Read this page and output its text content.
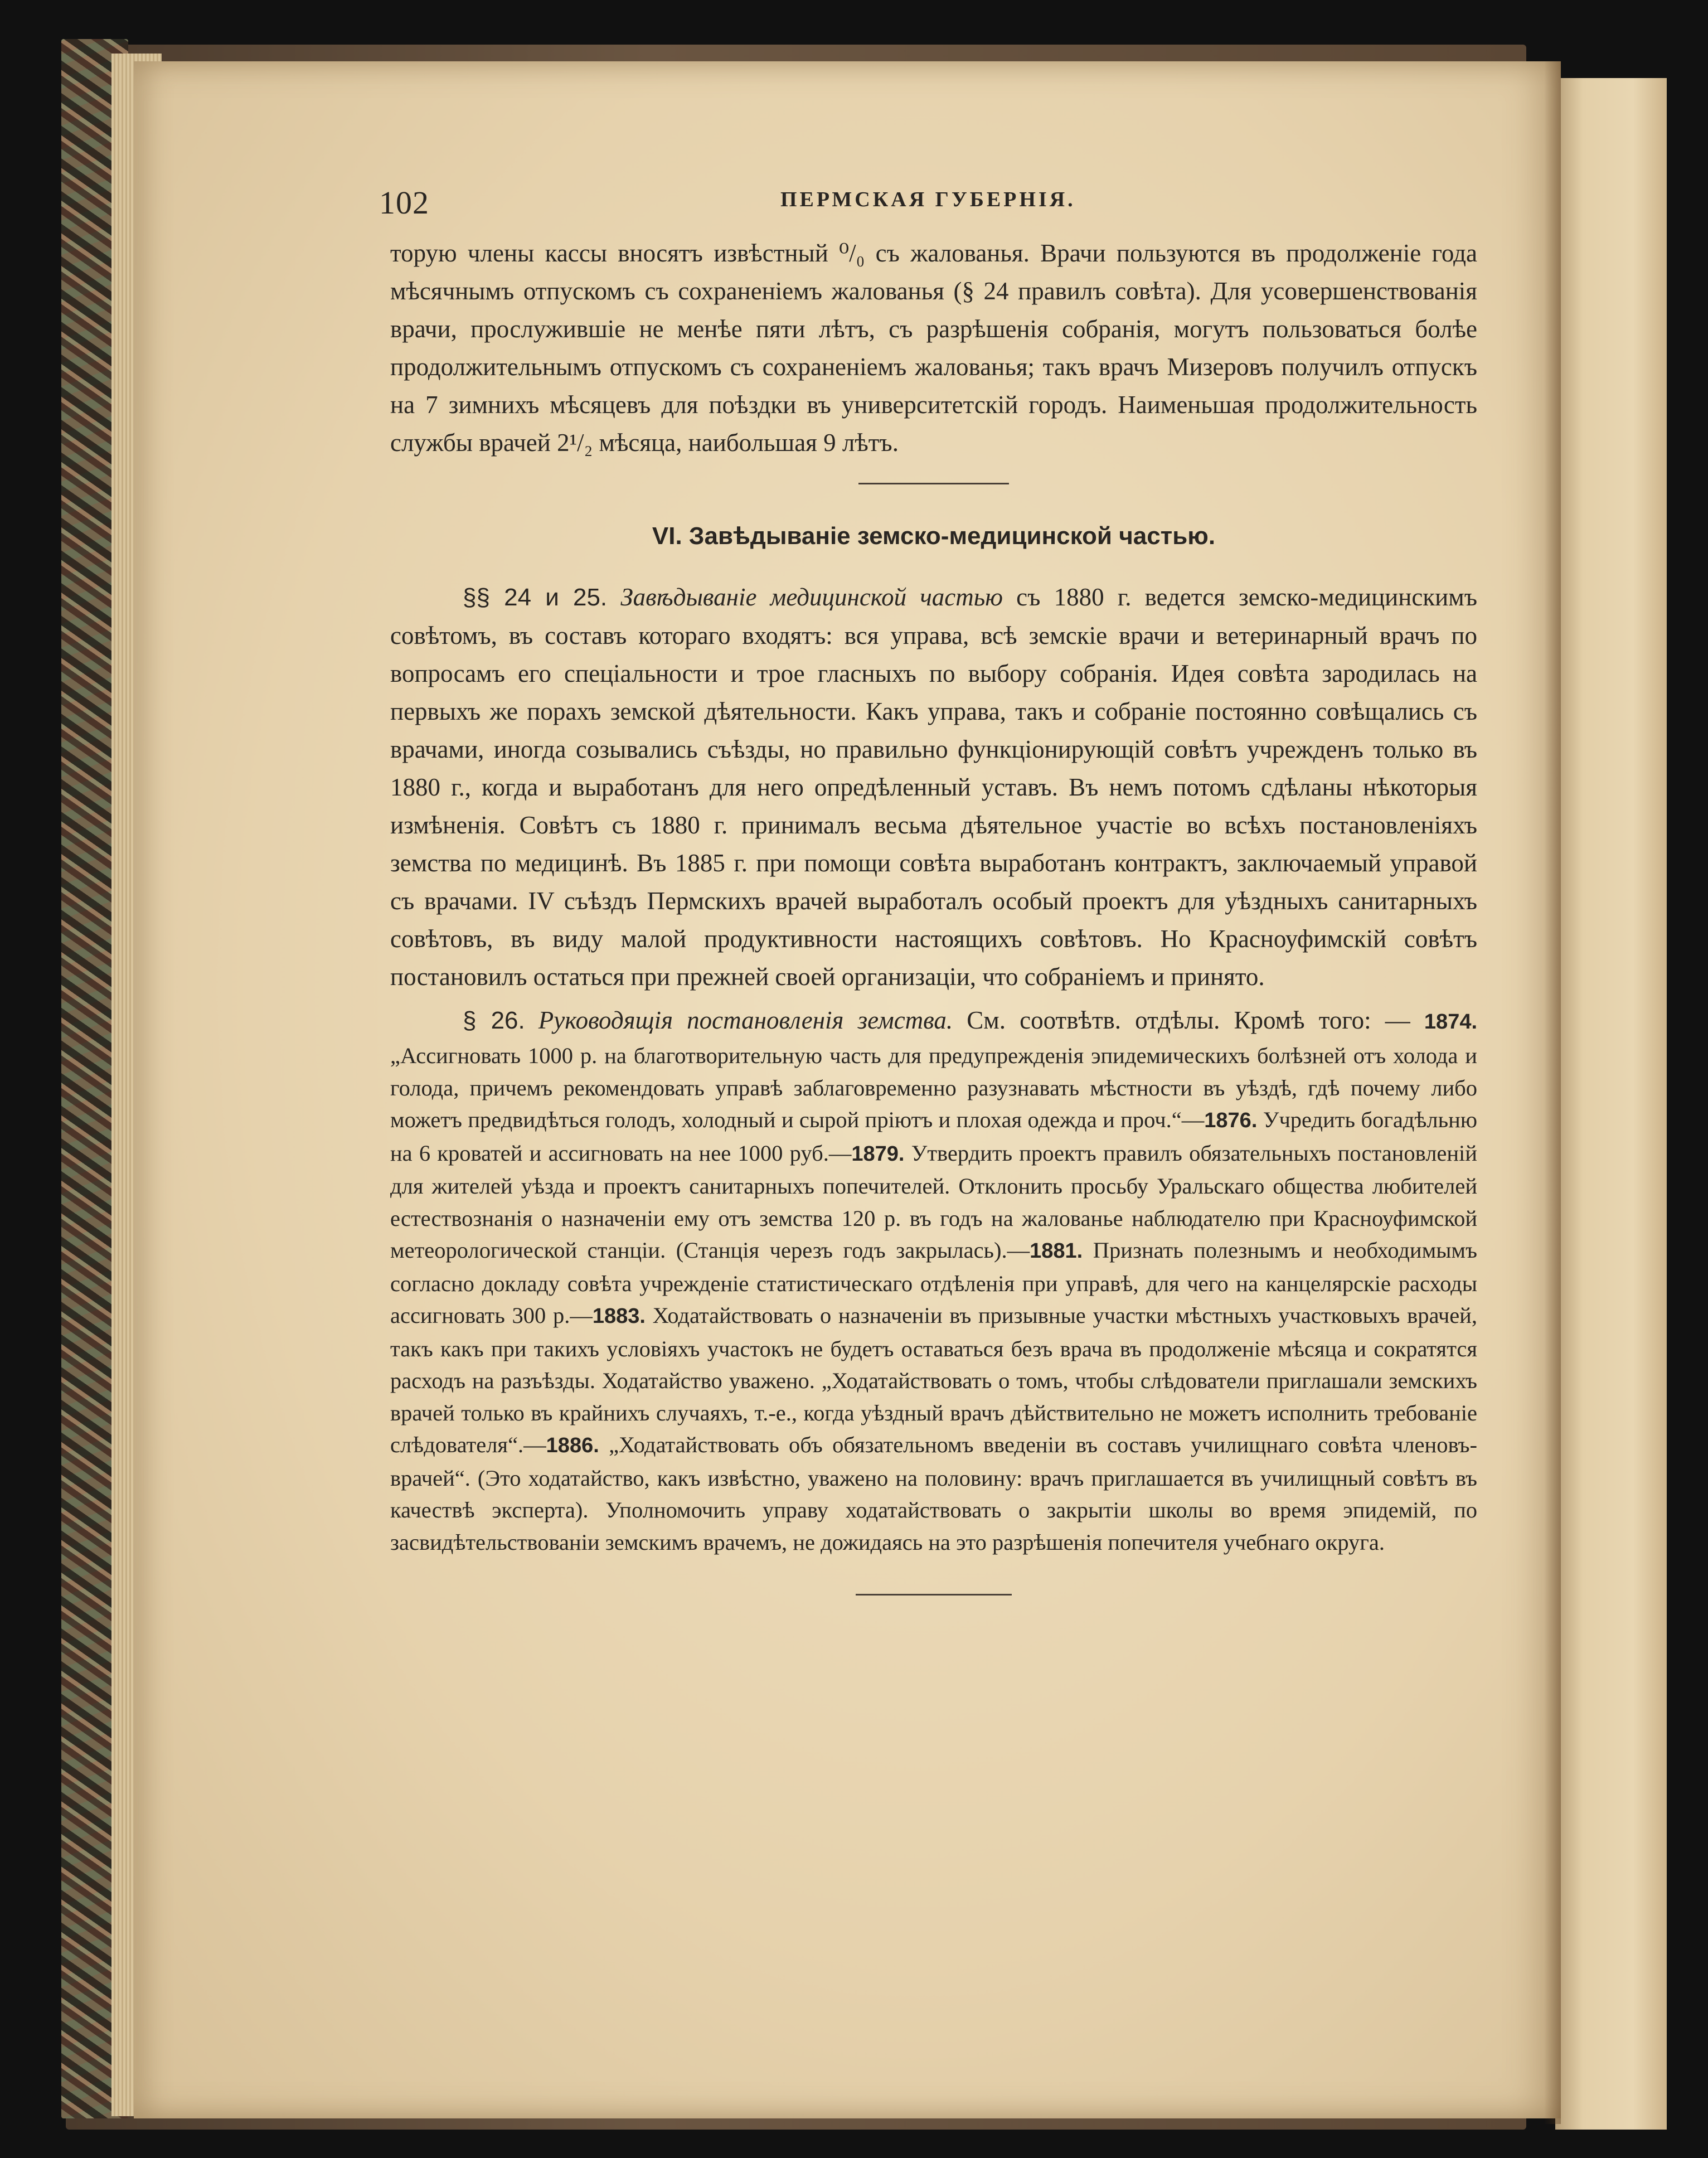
102	ПЕРМСКАЯ ГУБЕРНІЯ.

торую члены кассы вносятъ извѣстный ⁰/₀ съ жалованья. Врачи пользуются въ продолженіе года мѣсячнымъ отпускомъ съ сохраненіемъ жалованья (§ 24 правилъ совѣта). Для усовершенствованія врачи, прослужившіе не менѣе пяти лѣтъ, съ разрѣшенія собранія, могутъ пользоваться болѣе продолжительнымъ отпускомъ съ сохраненіемъ жалованья; такъ врачъ Мизеровъ получилъ отпускъ на 7 зимнихъ мѣсяцевъ для поѣздки въ университетскій городъ. Наименьшая продолжительность службы врачей 2¹/₂ мѣсяца, наибольшая 9 лѣтъ.

VI. Завѣдываніе земско-медицинской частью.

§§ 24 и 25. Завѣдываніе медицинской частью съ 1880 г. ведется земско-медицинскимъ совѣтомъ, въ составъ котораго входятъ: вся управа, всѣ земскіе врачи и ветеринарный врачъ по вопросамъ его спеціальности и трое гласныхъ по выбору собранія. Идея совѣта зародилась на первыхъ же порахъ земской дѣятельности. Какъ управа, такъ и собраніе постоянно совѣщались съ врачами, иногда созывались съѣзды, но правильно функціонирующій совѣтъ учрежденъ только въ 1880 г., когда и выработанъ для него опредѣленный уставъ. Въ немъ потомъ сдѣланы нѣкоторыя измѣненія. Совѣтъ съ 1880 г. принималъ весьма дѣятельное участіе во всѣхъ постановленіяхъ земства по медицинѣ. Въ 1885 г. при помощи совѣта выработанъ контрактъ, заключаемый управой съ врачами. IV съѣздъ Пермскихъ врачей выработалъ особый проектъ для уѣздныхъ санитарныхъ совѣтовъ, въ виду малой продуктивности настоящихъ совѣтовъ. Но Красноуфимскій совѣтъ постановилъ остаться при прежней своей организаціи, что собраніемъ и принято.

§ 26. Руководящія постановленія земства. См. соотвѣтв. отдѣлы. Кромѣ того: — 1874. „Ассигновать 1000 р. на благотворительную часть для предупрежденія эпидемическихъ болѣзней отъ холода и голода, причемъ рекомендовать управѣ заблаговременно разузнавать мѣстности въ уѣздѣ, гдѣ почему либо можетъ предвидѣться голодъ, холодный и сырой пріютъ и плохая одежда и проч.“—1876. Учредить богадѣльню на 6 кроватей и ассигновать на нее 1000 руб.—1879. Утвердить проектъ правилъ обязательныхъ постановленій для жителей уѣзда и проектъ санитарныхъ попечителей. Отклонить просьбу Уральскаго общества любителей естествознанія о назначеніи ему отъ земства 120 р. въ годъ на жалованье наблюдателю при Красноуфимской метеорологической станціи. (Станція черезъ годъ закрылась).—1881. Признать полезнымъ и необходимымъ согласно докладу совѣта учрежденіе статистическаго отдѣленія при управѣ, для чего на канцелярскіе расходы ассигновать 300 р.—1883. Ходатайствовать о назначеніи въ призывные участки мѣстныхъ участковыхъ врачей, такъ какъ при такихъ условіяхъ участокъ не будетъ оставаться безъ врача въ продолженіе мѣсяца и сократятся расходъ на разъѣзды. Ходатайство уважено. „Ходатайствовать о томъ, чтобы слѣдователи приглашали земскихъ врачей только въ крайнихъ случаяхъ, т.-е., когда уѣздный врачъ дѣйствительно не можетъ исполнить требованіе слѣдователя“.—1886. „Ходатайствовать объ обязательномъ введеніи въ составъ училищнаго совѣта членовъ-врачей“. (Это ходатайство, какъ извѣстно, уважено на половину: врачъ приглашается въ училищный совѣтъ въ качествѣ эксперта). Уполномочить управу ходатайствовать о закрытіи школы во время эпидемій, по засвидѣтельствованіи земскимъ врачемъ, не дожидаясь на это разрѣшенія попечителя учебнаго округа.
